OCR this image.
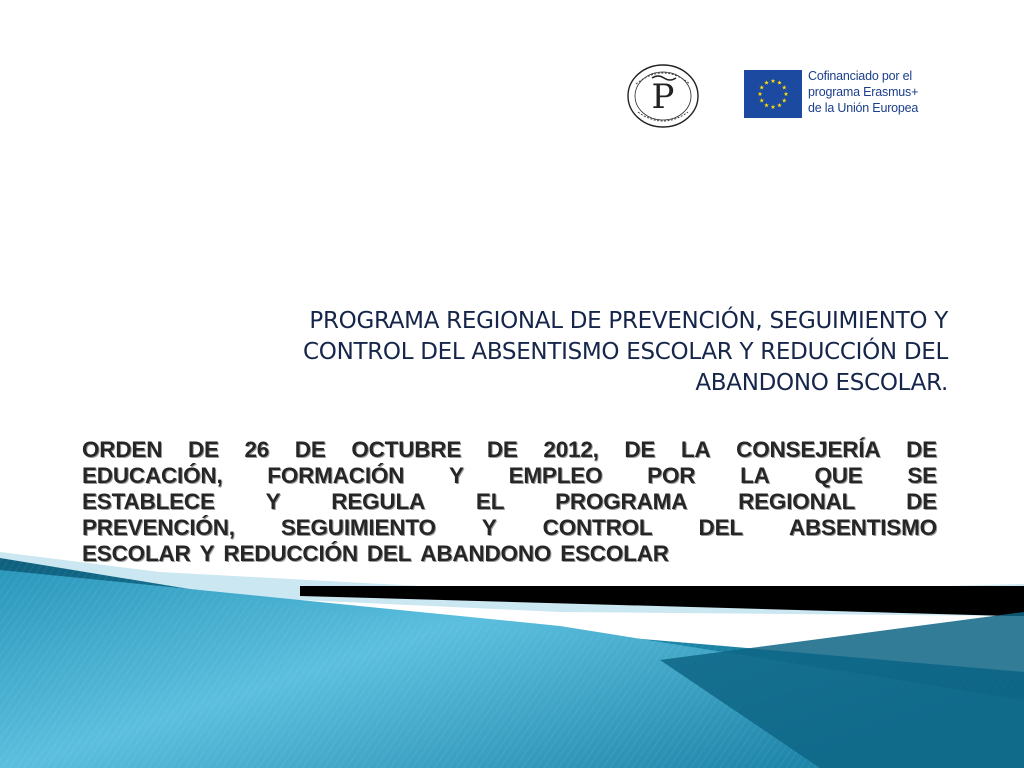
P
Cofinanciado por el
programa Erasmus+
de la Unión Europea
PROGRAMA REGIONAL DE PREVENCIÓN, SEGUIMIENTO Y
CONTROL DEL ABSENTISMO ESCOLAR Y REDUCCIÓN DEL
ABANDONO ESCOLAR.
ORDEN DE 26 DE OCTUBRE DE 2012, DE LA CONSEJERÍA DE
EDUCACIÓN, FORMACIÓN Y EMPLEO POR LA QUE SE
ESTABLECE Y REGULA EL PROGRAMA REGIONAL DE
PREVENCIÓN, SEGUIMIENTO Y CONTROL DEL ABSENTISMO
ESCOLAR Y REDUCCIÓN DEL ABANDONO ESCOLAR
